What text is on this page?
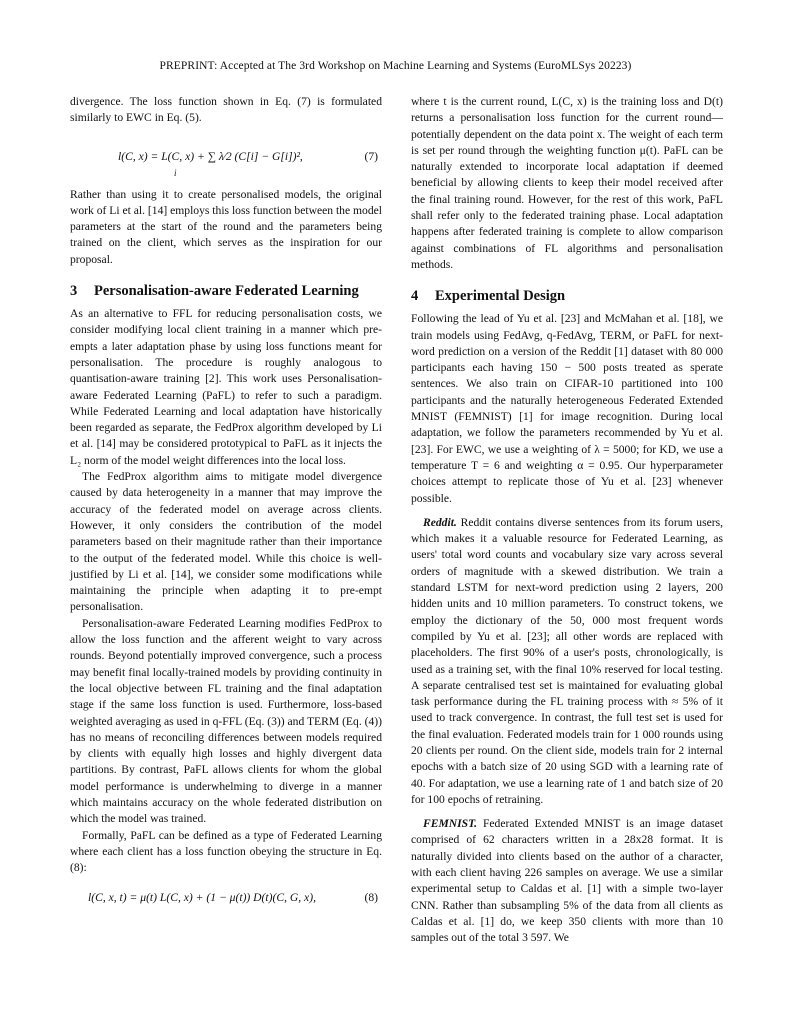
PREPRINT: Accepted at The 3rd Workshop on Machine Learning and Systems (EuroMLSys 20223)

divergence. The loss function shown in Eq. (7) is formulated similarly to EWC in Eq. (5).

l(C, x) = L(C, x) + ∑ λ⁄2 (C[i] − G[i])²,
i
(7)

Rather than using it to create personalised models, the original work of Li et al. [14] employs this loss function between the model parameters at the start of the round and the parameters being trained on the client, which serves as the inspiration for our proposal.

3	Personalisation-aware Federated Learning

As an alternative to FFL for reducing personalisation costs, we consider modifying local client training in a manner which pre-empts a later adaptation phase by using loss functions meant for personalisation. The procedure is roughly analogous to quantisation-aware training [2]. This work uses Personalisation-aware Federated Learning (PaFL) to refer to such a paradigm. While Federated Learning and local adaptation have historically been regarded as separate, the FedProx algorithm developed by Li et al. [14] may be considered prototypical to PaFL as it injects the L₂ norm of the model weight differences into the local loss.

The FedProx algorithm aims to mitigate model divergence caused by data heterogeneity in a manner that may improve the accuracy of the federated model on average across clients. However, it only considers the contribution of the model parameters based on their magnitude rather than their importance to the output of the federated model. While this choice is well-justified by Li et al. [14], we consider some modifications while maintaining the principle when adapting it to pre-empt personalisation.

Personalisation-aware Federated Learning modifies FedProx to allow the loss function and the afferent weight to vary across rounds. Beyond potentially improved convergence, such a process may benefit final locally-trained models by providing continuity in the local objective between FL training and the final adaptation stage if the same loss function is used. Furthermore, loss-based weighted averaging as used in q-FFL (Eq. (3)) and TERM (Eq. (4)) has no means of reconciling differences between models required by clients with equally high losses and highly divergent data partitions. By contrast, PaFL allows clients for whom the global model performance is underwhelming to diverge in a manner which maintains accuracy on the whole federated distribution on which the model was trained.

Formally, PaFL can be defined as a type of Federated Learning where each client has a loss function obeying the structure in Eq. (8):

l(C, x, t) = μ(t) L(C, x) + (1 − μ(t)) D(t)(C, G, x),	(8)

where t is the current round, L(C, x) is the training loss and D(t) returns a personalisation loss function for the current round—potentially dependent on the data point x. The weight of each term is set per round through the weighting function μ(t). PaFL can be naturally extended to incorporate local adaptation if deemed beneficial by allowing clients to keep their model received after the final training round. However, for the rest of this work, PaFL shall refer only to the federated training phase. Local adaptation happens after federated training is complete to allow comparison against combinations of FL algorithms and personalisation methods.

4	Experimental Design

Following the lead of Yu et al. [23] and McMahan et al. [18], we train models using FedAvg, q-FedAvg, TERM, or PaFL for next-word prediction on a version of the Reddit [1] dataset with 80 000 participants each having 150 − 500 posts treated as sperate sentences. We also train on CIFAR-10 partitioned into 100 participants and the naturally heterogeneous Federated Extended MNIST (FEMNIST) [1] for image recognition. During local adaptation, we follow the parameters recommended by Yu et al. [23]. For EWC, we use a weighting of λ = 5000; for KD, we use a temperature T = 6 and weighting α = 0.95. Our hyperparameter choices attempt to replicate those of Yu et al. [23] whenever possible.

Reddit. Reddit contains diverse sentences from its forum users, which makes it a valuable resource for Federated Learning, as users' total word counts and vocabulary size vary across several orders of magnitude with a skewed distribution. We train a standard LSTM for next-word prediction using 2 layers, 200 hidden units and 10 million parameters. To construct tokens, we employ the dictionary of the 50, 000 most frequent words compiled by Yu et al. [23]; all other words are replaced with placeholders. The first 90% of a user's posts, chronologically, is used as a training set, with the final 10% reserved for local testing. A separate centralised test set is maintained for evaluating global task performance during the FL training process with ≈ 5% of it used to track convergence. In contrast, the full test set is used for the final evaluation. Federated models train for 1 000 rounds using 20 clients per round. On the client side, models train for 2 internal epochs with a batch size of 20 using SGD with a learning rate of 40. For adaptation, we use a learning rate of 1 and batch size of 20 for 100 epochs of retraining.

FEMNIST. Federated Extended MNIST is an image dataset comprised of 62 characters written in a 28x28 format. It is naturally divided into clients based on the author of a character, with each client having 226 samples on average. We use a similar experimental setup to Caldas et al. [1] with a simple two-layer CNN. Rather than subsampling 5% of the data from all clients as Caldas et al. [1] do, we keep 350 clients with more than 10 samples out of the total 3 597. We
